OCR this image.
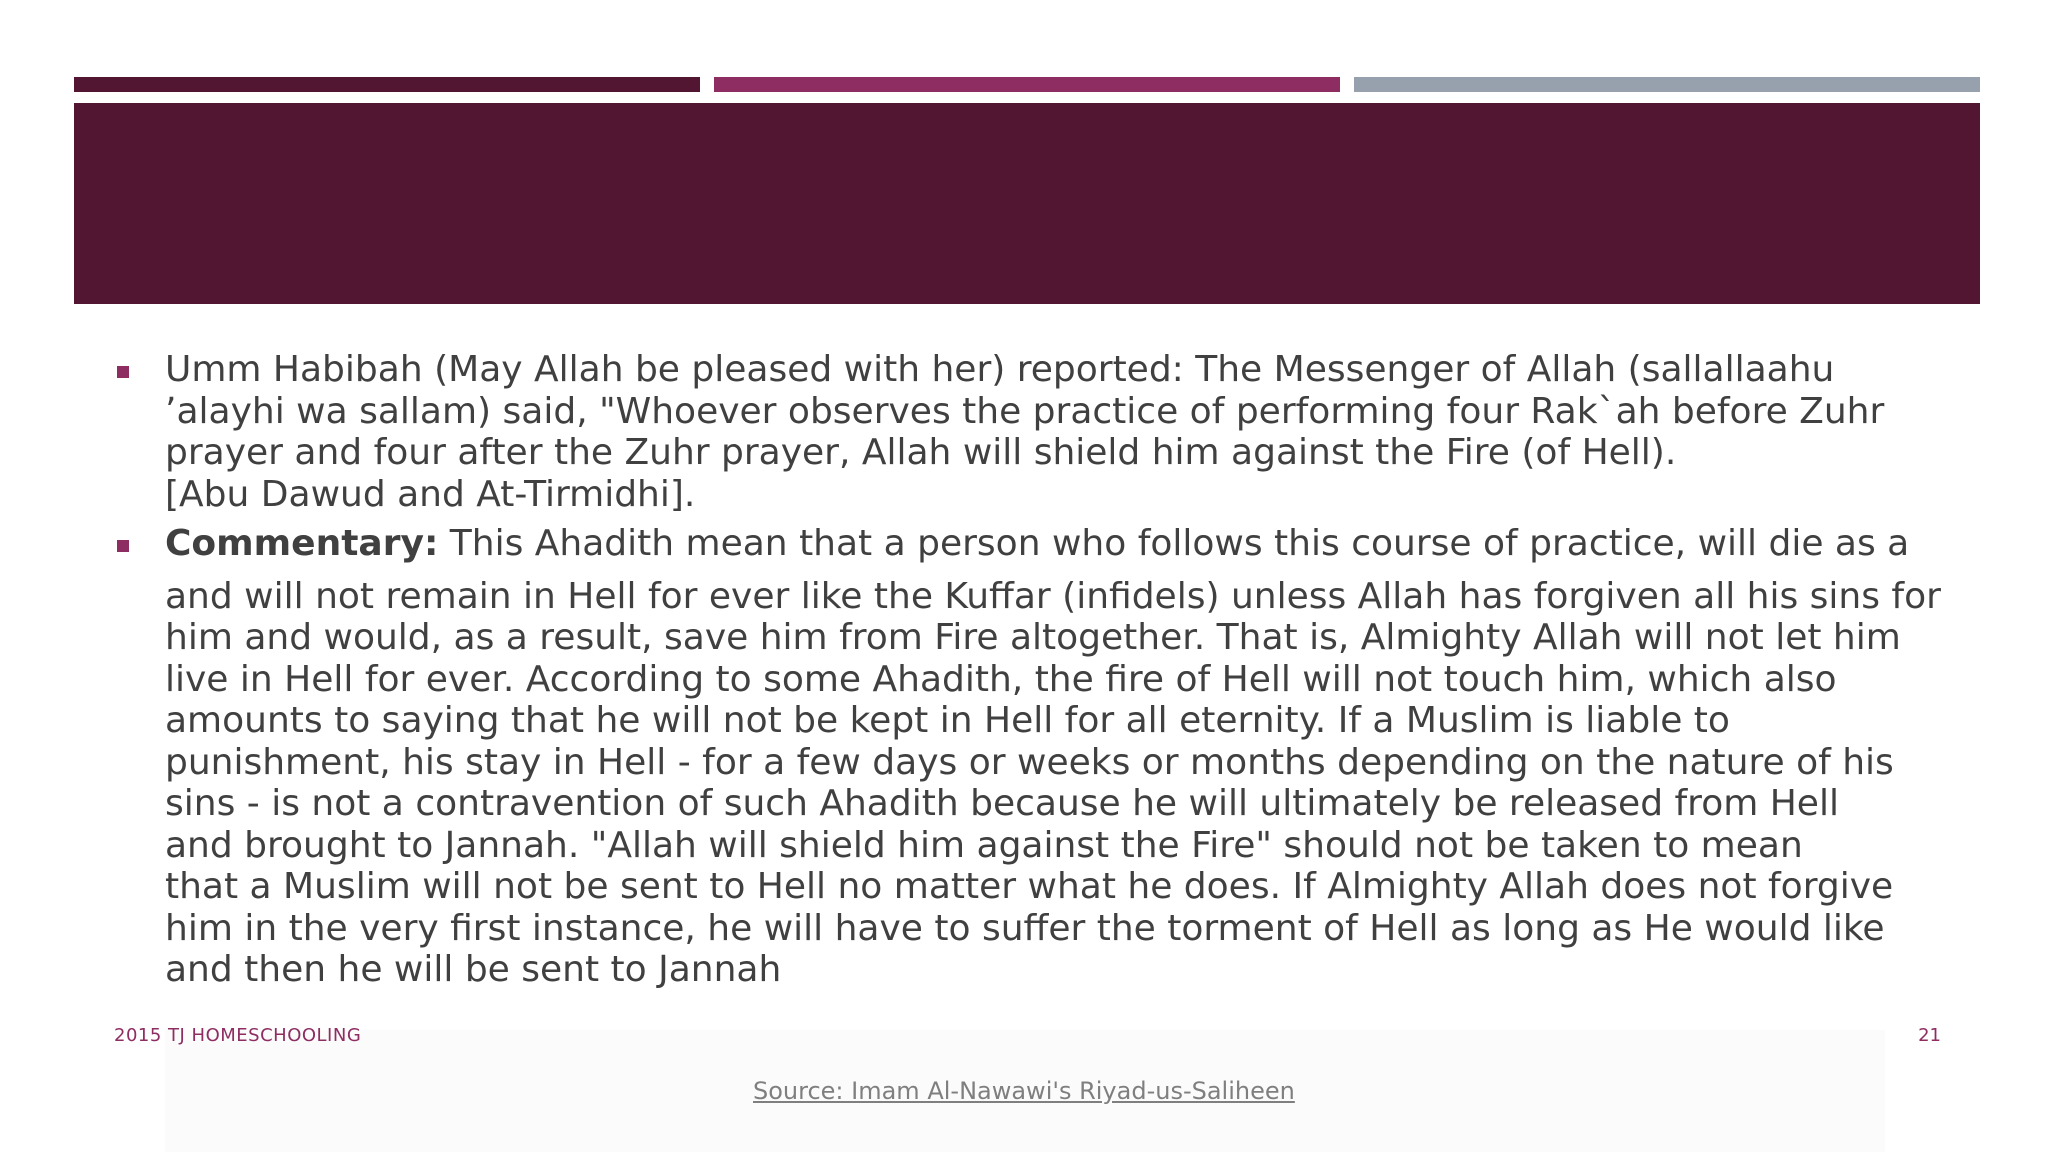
Umm Habibah (May Allah be pleased with her) reported: The Messenger of Allah (sallallaahu
’alayhi wa sallam) said, "Whoever observes the practice of performing four Rak`ah before Zuhr
prayer and four after the Zuhr prayer, Allah will shield him against the Fire (of Hell).
[Abu Dawud and At-Tirmidhi].
Commentary: This Ahadith mean that a person who follows this course of practice, will die as a
and will not remain in Hell for ever like the Kuffar (infidels) unless Allah has forgiven all his sins for
him and would, as a result, save him from Fire altogether. That is, Almighty Allah will not let him
live in Hell for ever. According to some Ahadith, the fire of Hell will not touch him, which also
amounts to saying that he will not be kept in Hell for all eternity. If a Muslim is liable to
punishment, his stay in Hell - for a few days or weeks or months depending on the nature of his
sins - is not a contravention of such Ahadith because he will ultimately be released from Hell
and brought to Jannah. "Allah will shield him against the Fire" should not be taken to mean
that a Muslim will not be sent to Hell no matter what he does. If Almighty Allah does not forgive
him in the very first instance, he will have to suffer the torment of Hell as long as He would like
and then he will be sent to Jannah
2015 TJ HOMESCHOOLING	21
Source: Imam Al-Nawawi's Riyad-us-Saliheen
